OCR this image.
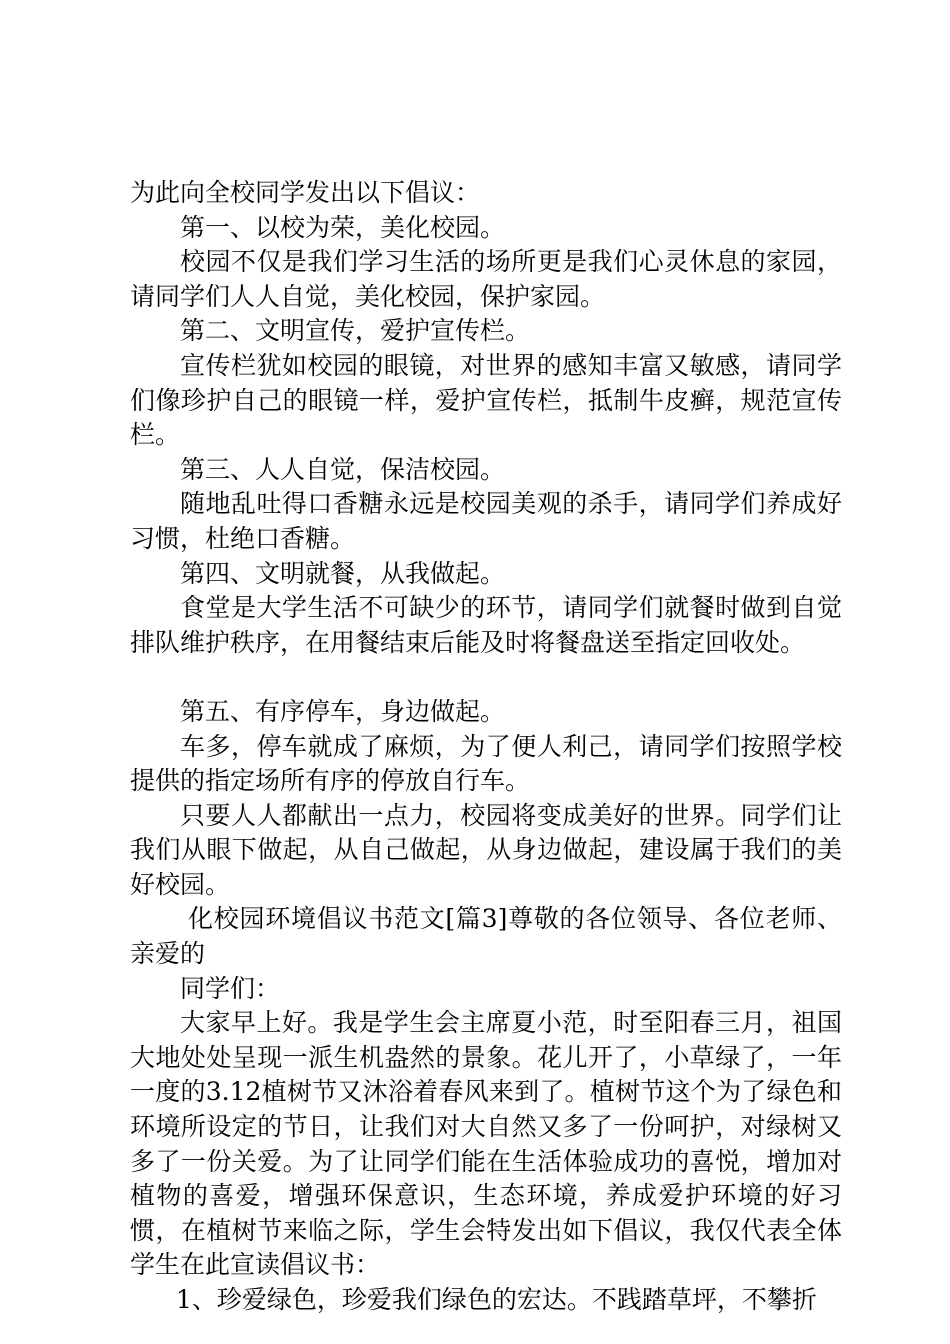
为此向全校同学发出以下倡议：

第一、以校为荣，美化校园。

校园不仅是我们学习生活的场所更是我们心灵休息的家园，请同学们人人自觉，美化校园，保护家园。

第二、文明宣传，爱护宣传栏。

宣传栏犹如校园的眼镜，对世界的感知丰富又敏感，请同学们像珍护自己的眼镜一样，爱护宣传栏，抵制牛皮癣，规范宣传栏。

第三、人人自觉，保洁校园。

随地乱吐得口香糖永远是校园美观的杀手，请同学们养成好习惯，杜绝口香糖。

第四、文明就餐，从我做起。

食堂是大学生活不可缺少的环节，请同学们就餐时做到自觉排队维护秩序，在用餐结束后能及时将餐盘送至指定回收处。

第五、有序停车，身边做起。

车多，停车就成了麻烦，为了便人利己，请同学们按照学校提供的指定场所有序的停放自行车。

只要人人都献出一点力，校园将变成美好的世界。同学们让我们从眼下做起，从自己做起，从身边做起，建设属于我们的美好校园。

化校园环境倡议书范文[篇3]尊敬的各位领导、各位老师、亲爱的

同学们：

大家早上好。我是学生会主席夏小范，时至阳春三月，祖国大地处处呈现一派生机盎然的景象。花儿开了，小草绿了，一年一度的3.12植树节又沐浴着春风来到了。植树节这个为了绿色和环境所设定的节日，让我们对大自然又多了一份呵护，对绿树又多了一份关爱。为了让同学们能在生活体验成功的喜悦，增加对植物的喜爱，增强环保意识，生态环境，养成爱护环境的好习惯，在植树节来临之际，学生会特发出如下倡议，我仅代表全体学生在此宣读倡议书：

1、珍爱绿色，珍爱我们绿色的宏达。不践踏草坪，不攀折
